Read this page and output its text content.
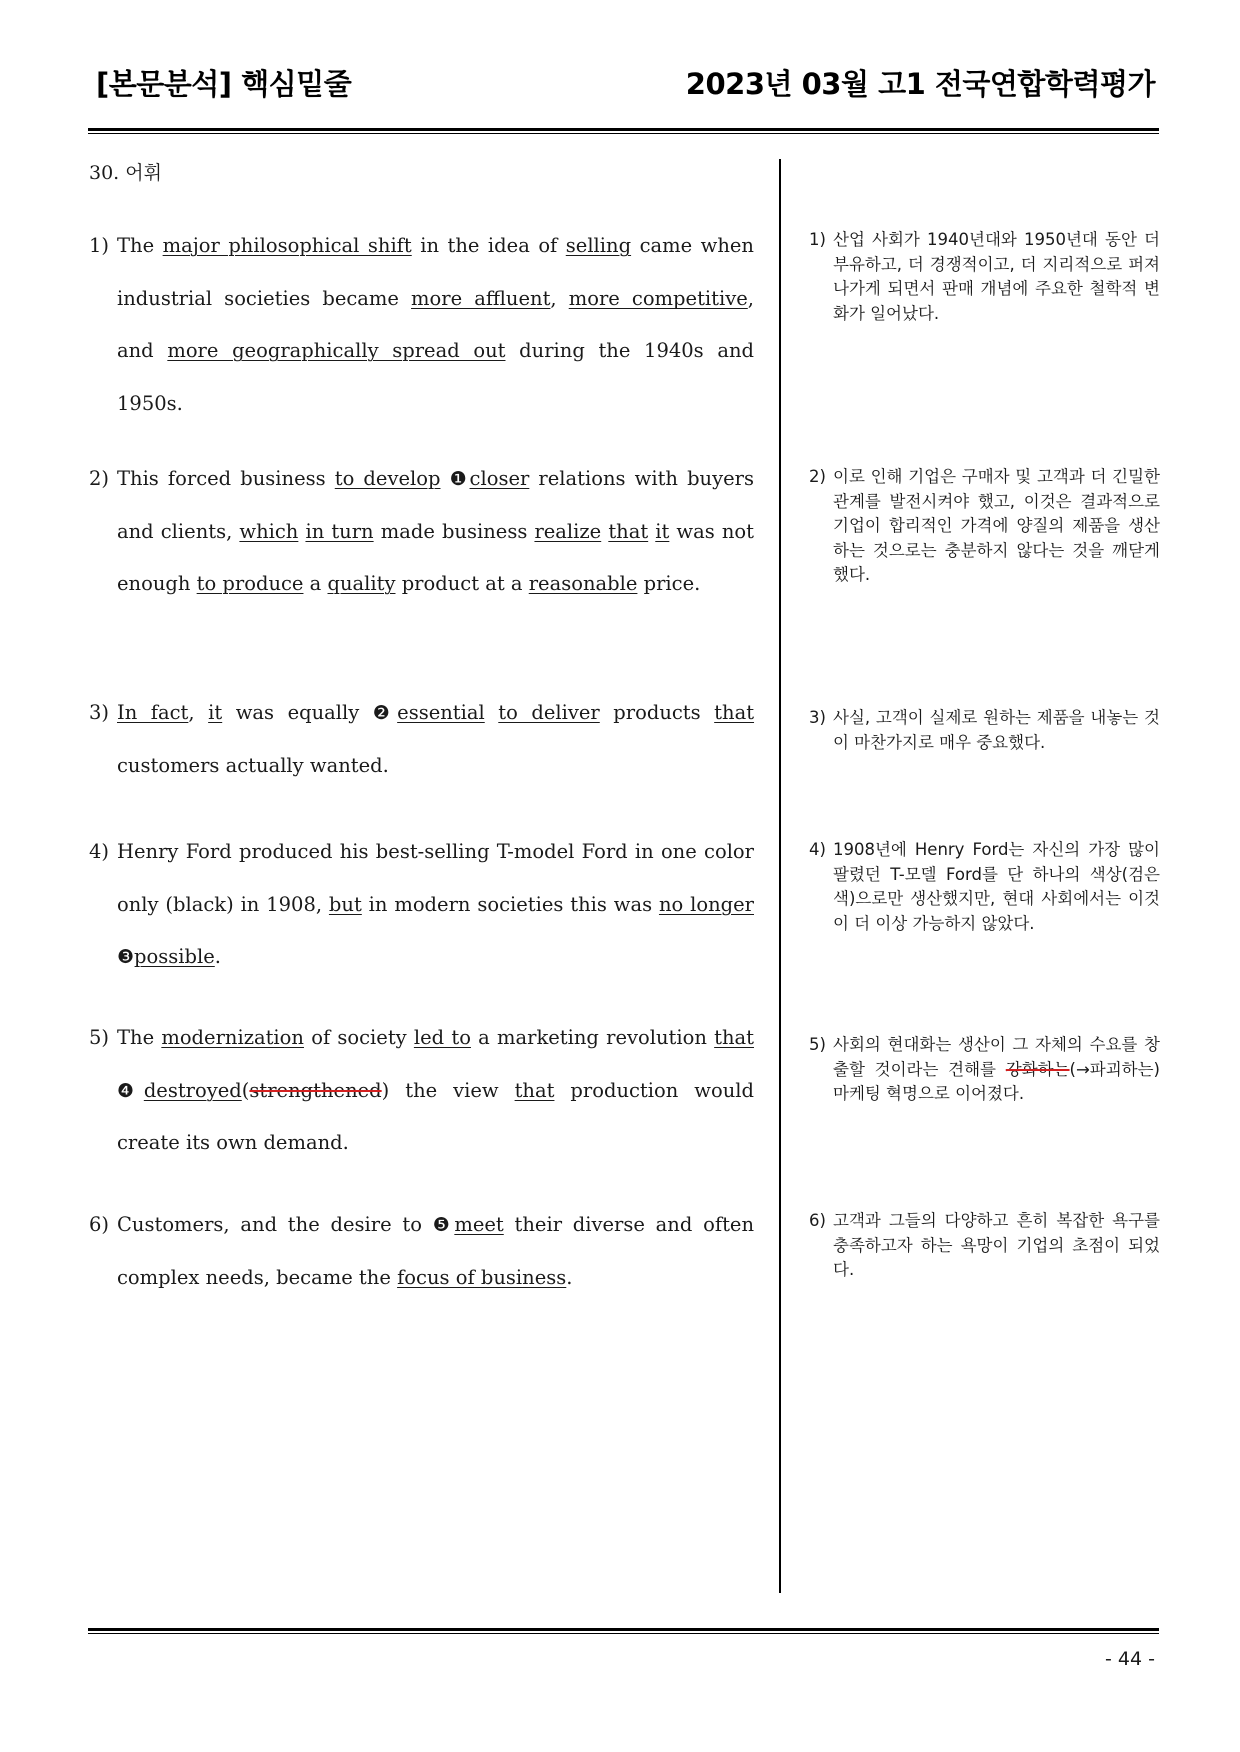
[본문분석] 핵심밑줄	2023년 03월 고1 전국연합학력평가
30. 어휘
1) The major philosophical shift in the idea of selling came when industrial societies became more affluent, more competitive, and more geographically spread out during the 1940s and 1950s.
2) This forced business to develop ❶closer relations with buyers and clients, which in turn made business realize that it was not enough to produce a quality product at a reasonable price.
3) In fact, it was equally ❷essential to deliver products that customers actually wanted.
4) Henry Ford produced his best-selling T-model Ford in one color only (black) in 1908, but in modern societies this was no longer ❸possible.
5) The modernization of society led to a marketing revolution that ❹destroyed(strengthened) the view that production would create its own demand.
6) Customers, and the desire to ❺meet their diverse and often complex needs, became the focus of business.
1) 산업 사회가 1940년대와 1950년대 동안 더 부유하고, 더 경쟁적이고, 더 지리적으로 퍼져 나가게 되면서 판매 개념에 주요한 철학적 변화가 일어났다.
2) 이로 인해 기업은 구매자 및 고객과 더 긴밀한 관계를 발전시켜야 했고, 이것은 결과적으로 기업이 합리적인 가격에 양질의 제품을 생산하는 것으로는 충분하지 않다는 것을 깨닫게 했다.
3) 사실, 고객이 실제로 원하는 제품을 내놓는 것이 마찬가지로 매우 중요했다.
4) 1908년에 Henry Ford는 자신의 가장 많이 팔렸던 T-모델 Ford를 단 하나의 색상(검은색)으로만 생산했지만, 현대 사회에서는 이것이 더 이상 가능하지 않았다.
5) 사회의 현대화는 생산이 그 자체의 수요를 창출할 것이라는 견해를 강화하는(→파괴하는) 마케팅 혁명으로 이어졌다.
6) 고객과 그들의 다양하고 흔히 복잡한 욕구를 충족하고자 하는 욕망이 기업의 초점이 되었다.
- 44 -
